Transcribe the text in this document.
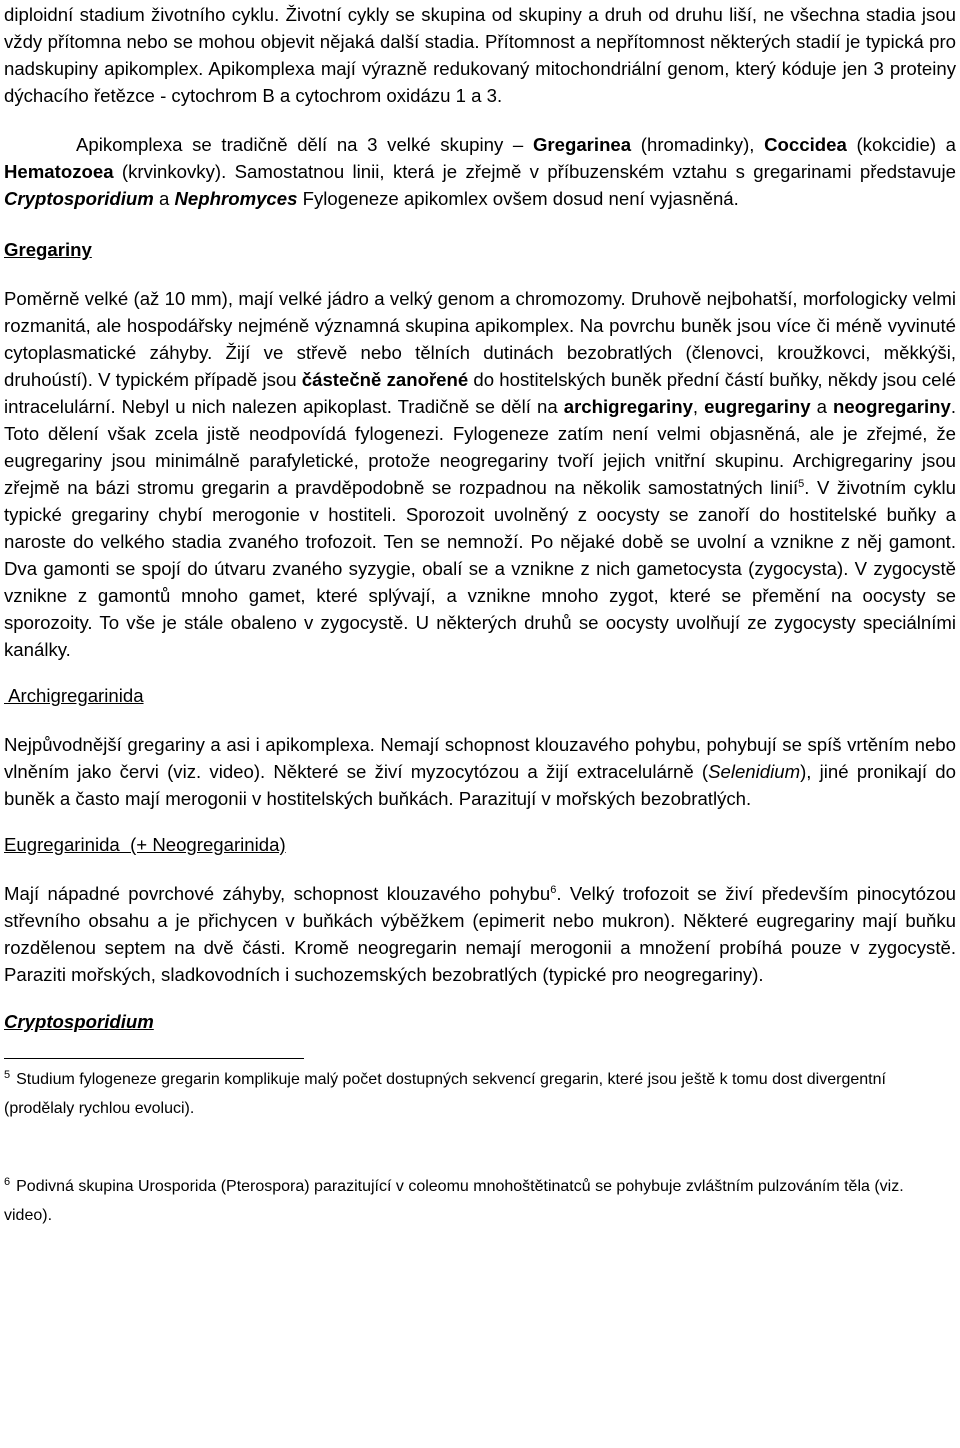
diploidní stadium životního cyklu. Životní cykly se skupina od skupiny a druh od druhu liší, ne všechna stadia jsou vždy přítomna nebo se mohou objevit nějaká další stadia. Přítomnost a nepřítomnost některých stadií je typická pro nadskupiny apikomplex. Apikomplexa mají výrazně redukovaný mitochondriální genom, který kóduje jen 3 proteiny dýchacího řetězce - cytochrom B a cytochrom oxidázu 1 a 3.

Apikomplexa se tradičně dělí na 3 velké skupiny – Gregarinea (hromadinky), Coccidea (kokcidie) a Hematozoea (krvinkovky). Samostatnou linii, která je zřejmě v příbuzenském vztahu s gregarinami představuje Cryptosporidium a Nephromyces Fylogeneze apikomlex ovšem dosud není vyjasněná.

Gregariny

Poměrně velké (až 10 mm), mají velké jádro a velký genom a chromozomy. Druhově nejbohatší, morfologicky velmi rozmanitá, ale hospodářsky nejméně významná skupina apikomplex. Na povrchu buněk jsou více či méně vyvinuté cytoplasmatické záhyby. Žijí ve střevě nebo tělních dutinách bezobratlých (členovci, kroužkovci, měkkýši, druhoústí). V typickém případě jsou částečně zanořené do hostitelských buněk přední částí buňky, někdy jsou celé intracelulární. Nebyl u nich nalezen apikoplast. Tradičně se dělí na archigregariny, eugregariny a neogregariny. Toto dělení však zcela jistě neodpovídá fylogenezi. Fylogeneze zatím není velmi objasněná, ale je zřejmé, že eugregariny jsou minimálně parafyletické, protože neogregariny tvoří jejich vnitřní skupinu. Archigregariny jsou zřejmě na bázi stromu gregarin a pravděpodobně se rozpadnou na několik samostatných linií$^5$. V životním cyklu typické gregariny chybí merogonie v hostiteli. Sporozoit uvolněný z oocysty se zanoří do hostitelské buňky a naroste do velkého stadia zvaného trofozoit. Ten se nemnoží. Po nějaké době se uvolní a vznikne z něj gamont. Dva gamonti se spojí do útvaru zvaného syzygie, obalí se a vznikne z nich gametocysta (zygocysta). V zygocystě vznikne z gamontů mnoho gamet, které splývají, a vznikne mnoho zygot, které se přemění na oocysty se sporozoity. To vše je stále obaleno v zygocystě. U některých druhů se oocysty uvolňují ze zygocysty speciálními kanálky.

Archigregarinida

Nejpůvodnější gregariny a asi i apikomplexa. Nemají schopnost klouzavého pohybu, pohybují se spíš vrtěním nebo vlněním jako červi (viz. video). Některé se živí myzocytózou a žijí extracelulárně (Selenidium), jiné pronikají do buněk a často mají merogonii v hostitelských buňkách. Parazitují v mořských bezobratlých.

Eugregarinida  (+ Neogregarinida)

Mají nápadné povrchové záhyby, schopnost klouzavého pohybu$^6$. Velký trofozoit se živí především pinocytózou střevního obsahu a je přichycen v buňkách výběžkem (epimerit nebo mukron). Některé eugregariny mají buňku rozdělenou septem na dvě části. Kromě neogregarin nemají merogonii a množení probíhá pouze v zygocystě. Paraziti mořských, sladkovodních i suchozemských bezobratlých (typické pro neogregariny).

Cryptosporidium

$^5$ Studium fylogeneze gregarin komplikuje malý počet dostupných sekvencí gregarin, které jsou ještě k tomu dost divergentní (prodělaly rychlou evoluci).

$^6$ Podivná skupina Urosporida (Pterospora) parazitující v coleomu mnohoštětinatců se pohybuje zvláštním pulzováním těla (viz. video).
